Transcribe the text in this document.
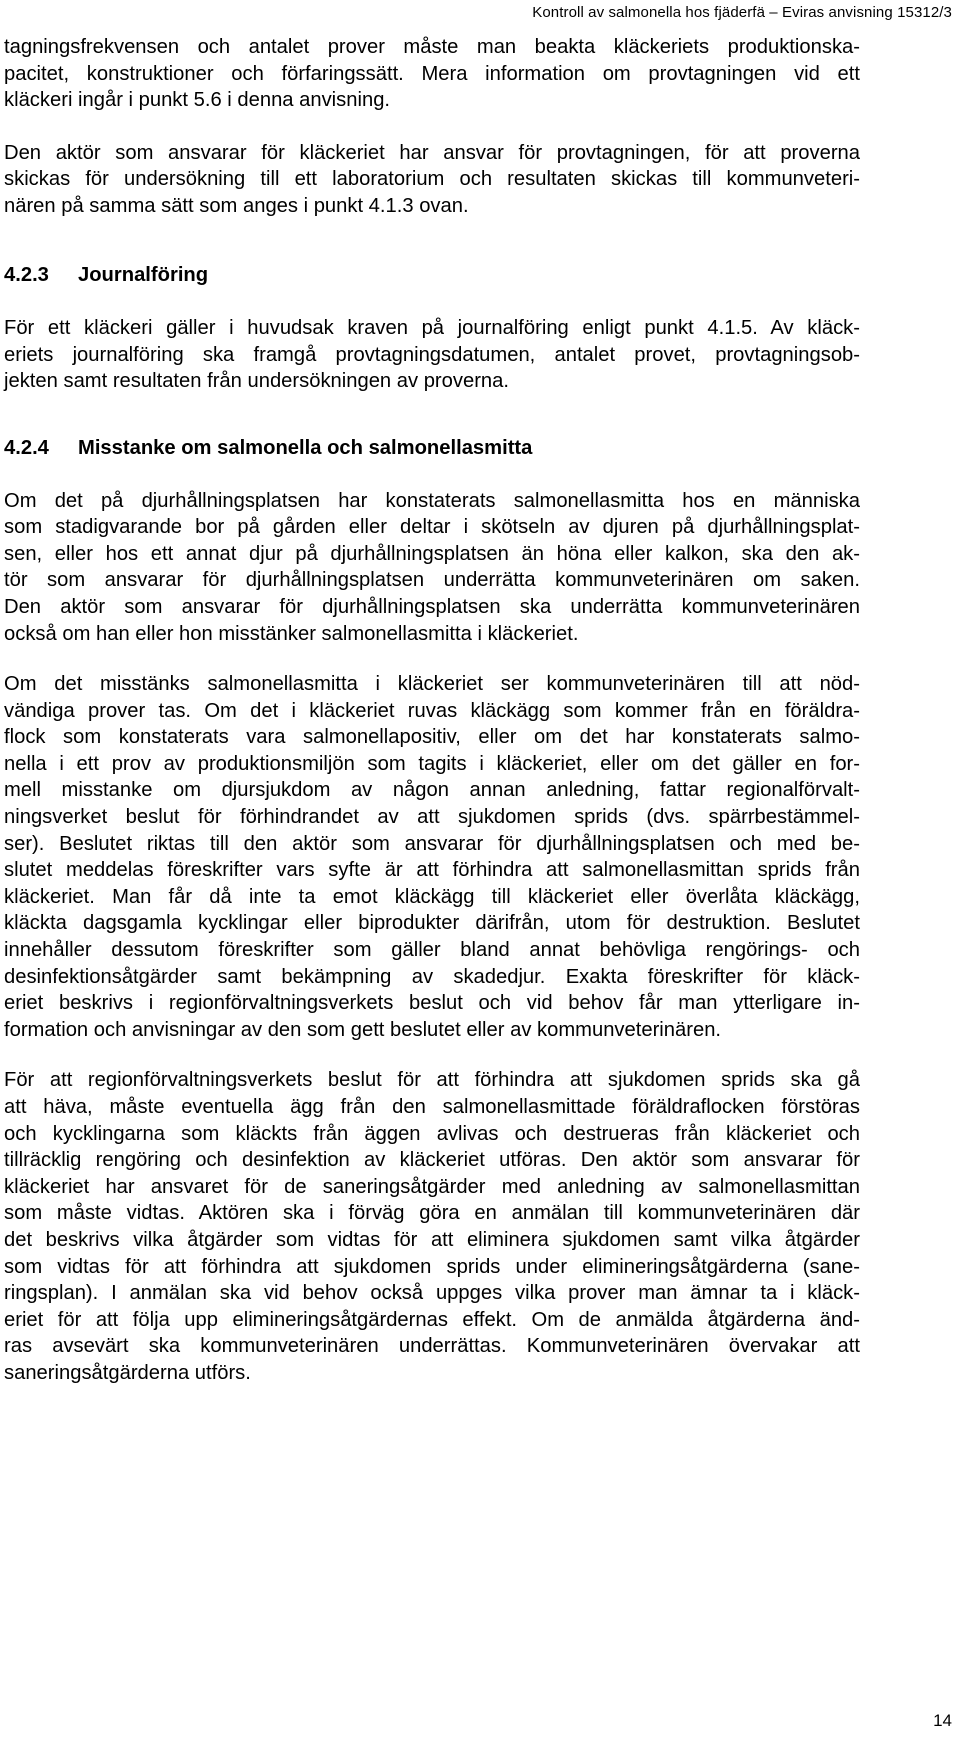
Kontroll av salmonella hos fjäderfä – Eviras anvisning 15312/3
tagningsfrekvensen och antalet prover måste man beakta kläckeriets produktionska-
pacitet, konstruktioner och förfaringssätt. Mera information om provtagningen vid ett
kläckeri ingår i punkt 5.6 i denna anvisning.
Den aktör som ansvarar för kläckeriet har ansvar för provtagningen, för att proverna
skickas för undersökning till ett laboratorium och resultaten skickas till kommunveteri-
nären på samma sätt som anges i punkt 4.1.3 ovan.
4.2.3 Journalföring
För ett kläckeri gäller i huvudsak kraven på journalföring enligt punkt 4.1.5. Av kläck-
eriets journalföring ska framgå provtagningsdatumen, antalet provet, provtagningsob-
jekten samt resultaten från undersökningen av proverna.
4.2.4 Misstanke om salmonella och salmonellasmitta
Om det på djurhållningsplatsen har konstaterats salmonellasmitta hos en människa
som stadigvarande bor på gården eller deltar i skötseln av djuren på djurhållningsplat-
sen, eller hos ett annat djur på djurhållningsplatsen än höna eller kalkon, ska den ak-
tör som ansvarar för djurhållningsplatsen underrätta kommunveterinären om saken.
Den aktör som ansvarar för djurhållningsplatsen ska underrätta kommunveterinären
också om han eller hon misstänker salmonellasmitta i kläckeriet.
Om det misstänks salmonellasmitta i kläckeriet ser kommunveterinären till att nöd-
vändiga prover tas. Om det i kläckeriet ruvas kläckägg som kommer från en föräldra-
flock som konstaterats vara salmonellapositiv, eller om det har konstaterats salmo-
nella i ett prov av produktionsmiljön som tagits i kläckeriet, eller om det gäller en for-
mell misstanke om djursjukdom av någon annan anledning, fattar regionalförvalt-
ningsverket beslut för förhindrandet av att sjukdomen sprids (dvs. spärrbestämmel-
ser). Beslutet riktas till den aktör som ansvarar för djurhållningsplatsen och med be-
slutet meddelas föreskrifter vars syfte är att förhindra att salmonellasmittan sprids från
kläckeriet. Man får då inte ta emot kläckägg till kläckeriet eller överlåta kläckägg,
kläckta dagsgamla kycklingar eller biprodukter därifrån, utom för destruktion. Beslutet
innehåller dessutom föreskrifter som gäller bland annat behövliga rengörings- och
desinfektionsåtgärder samt bekämpning av skadedjur. Exakta föreskrifter för kläck-
eriet beskrivs i regionförvaltningsverkets beslut och vid behov får man ytterligare in-
formation och anvisningar av den som gett beslutet eller av kommunveterinären.
För att regionförvaltningsverkets beslut för att förhindra att sjukdomen sprids ska gå
att häva, måste eventuella ägg från den salmonellasmittade föräldraflocken förstöras
och kycklingarna som kläckts från äggen avlivas och destrueras från kläckeriet och
tillräcklig rengöring och desinfektion av kläckeriet utföras. Den aktör som ansvarar för
kläckeriet har ansvaret för de saneringsåtgärder med anledning av salmonellasmittan
som måste vidtas. Aktören ska i förväg göra en anmälan till kommunveterinären där
det beskrivs vilka åtgärder som vidtas för att eliminera sjukdomen samt vilka åtgärder
som vidtas för att förhindra att sjukdomen sprids under elimineringsåtgärderna (sane-
ringsplan). I anmälan ska vid behov också uppges vilka prover man ämnar ta i kläck-
eriet för att följa upp elimineringsåtgärdernas effekt. Om de anmälda åtgärderna änd-
ras avsevärt ska kommunveterinären underrättas. Kommunveterinären övervakar att
saneringsåtgärderna utförs.
14
